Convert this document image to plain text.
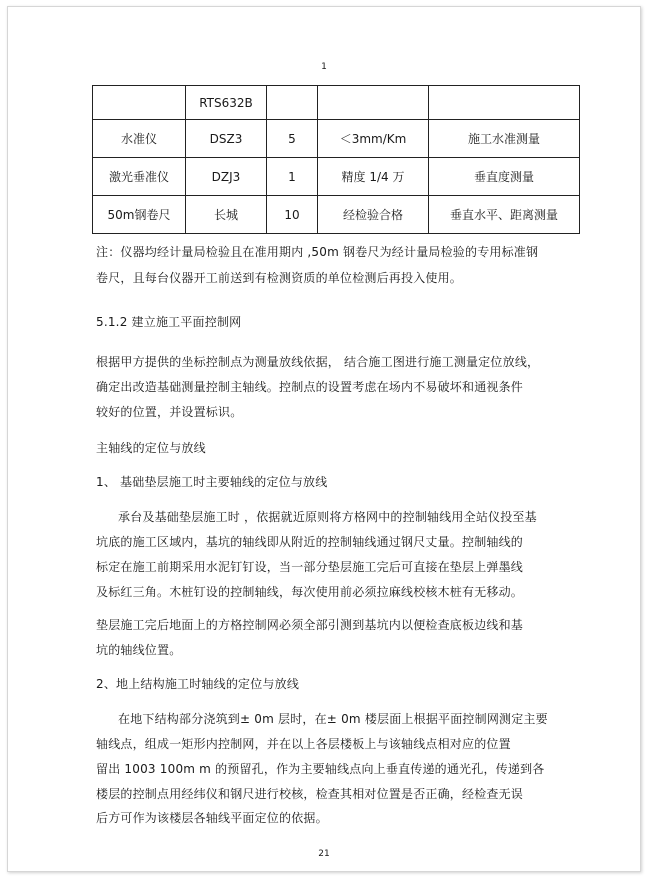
1
	RTS632B			
水准仪	DSZ3	5	＜3mm/Km	施工水准测量
激光垂准仪	DZJ3	1	精度 1/4 万	垂直度测量
50m钢卷尺	长城	10	经检验合格	垂直水平、距离测量
注：仪器均经计量局检验且在准用期内 ,50m 钢卷尺为经计量局检验的专用标准钢
卷尺，且每台仪器开工前送到有检测资质的单位检测后再投入使用。
5.1.2 建立施工平面控制网
根据甲方提供的坐标控制点为测量放线依据， 结合施工图进行施工测量定位放线，
确定出改造基础测量控制主轴线。控制点的设置考虑在场内不易破坏和通视条件
较好的位置，并设置标识。
主轴线的定位与放线
1、 基础垫层施工时主要轴线的定位与放线
承台及基础垫层施工时 ，依据就近原则将方格网中的控制轴线用全站仪投至基
坑底的施工区域内，基坑的轴线即从附近的控制轴线通过钢尺丈量。控制轴线的
标定在施工前期采用水泥钉钉设，当一部分垫层施工完后可直接在垫层上弹墨线
及标红三角。木桩钉设的控制轴线，每次使用前必须拉麻线校核木桩有无移动。
垫层施工完后地面上的方格控制网必须全部引测到基坑内以便检查底板边线和基
坑的轴线位置。
2、地上结构施工时轴线的定位与放线
在地下结构部分浇筑到± 0m 层时，在± 0m 楼层面上根据平面控制网测定主要
轴线点，组成一矩形内控制网，并在以上各层楼板上与该轴线点相对应的位置
留出 1003 100m m 的预留孔，作为主要轴线点向上垂直传递的通光孔，传递到各
楼层的控制点用经纬仪和钢尺进行校核，检查其相对位置是否正确，经检查无误
后方可作为该楼层各轴线平面定位的依据。
21
